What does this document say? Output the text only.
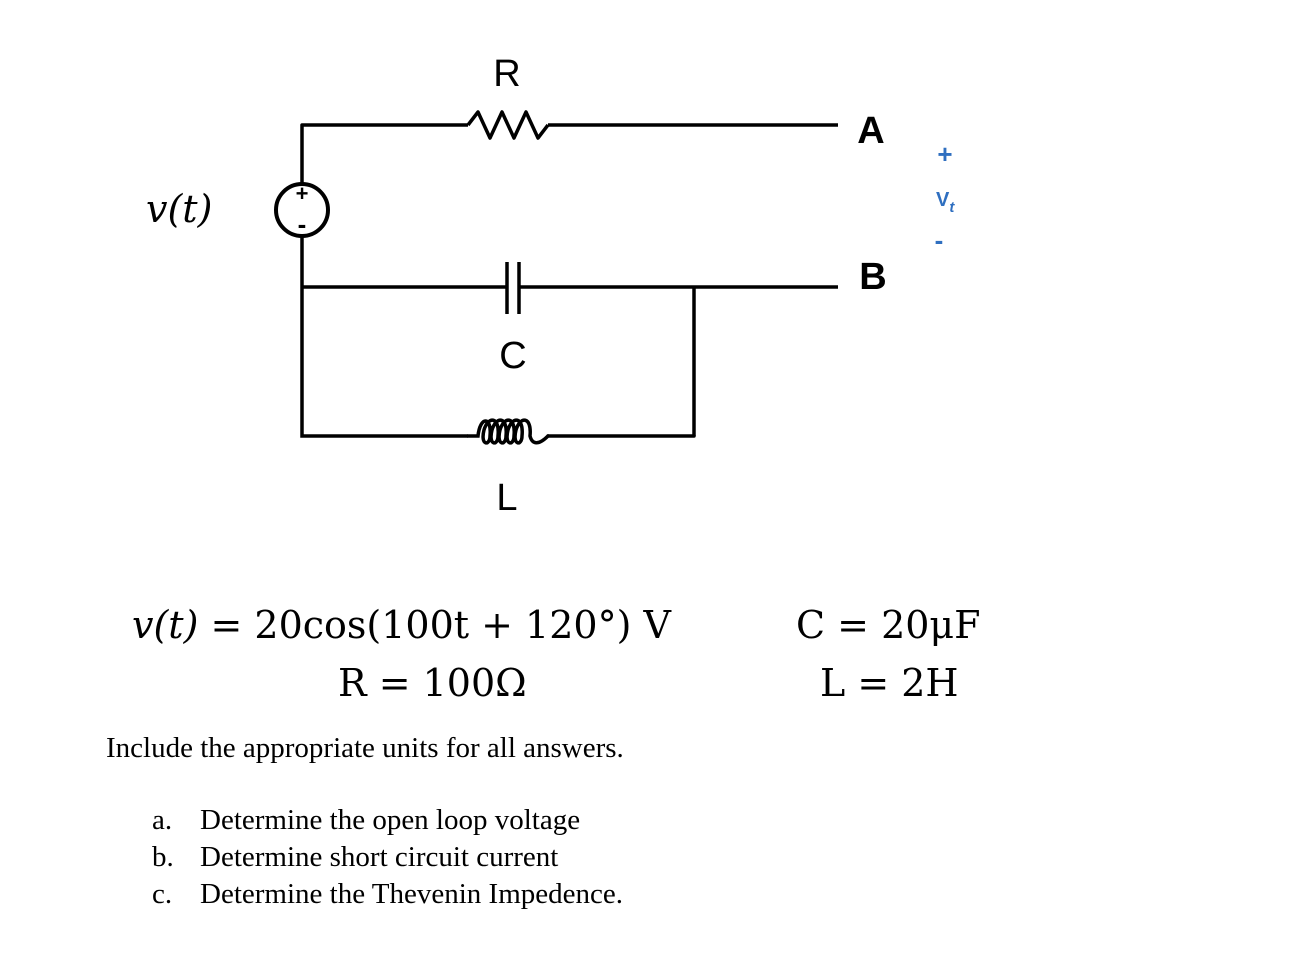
+
-
v(t)
R
C
L
A
B
+
$V_t$
-
v(t) = 20cos(100t + 120°) V
R = 100Ω
C = 20μF
L = 2H
Include the appropriate units for all answers.
a. Determine the open loop voltage
b. Determine short circuit current
c. Determine the Thevenin Impedence.
